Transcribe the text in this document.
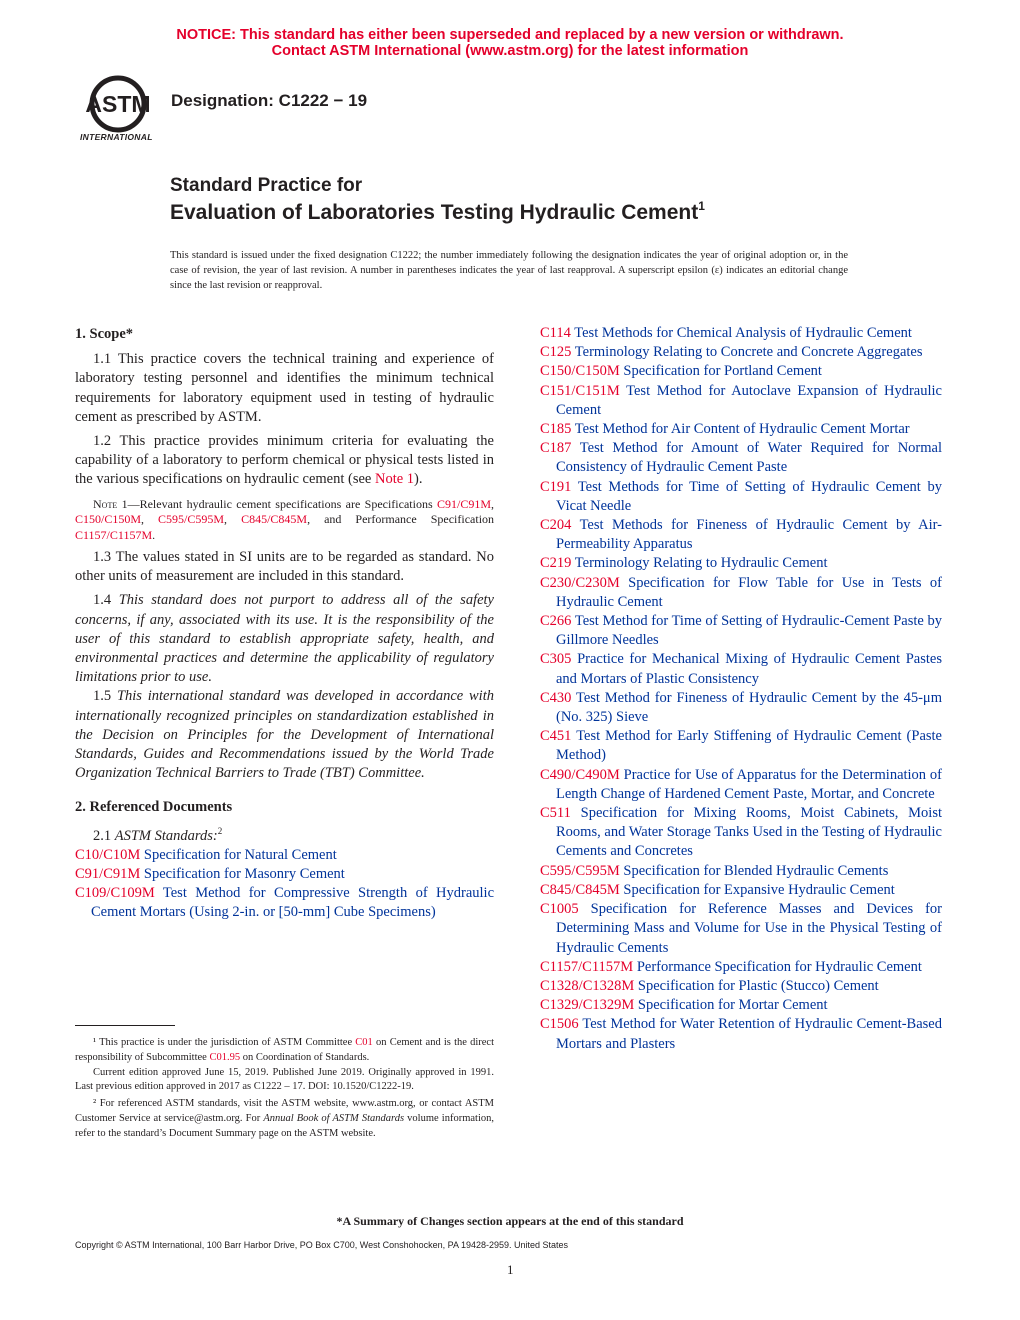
NOTICE: This standard has either been superseded and replaced by a new version or withdrawn.
Contact ASTM International (www.astm.org) for the latest information
ASTM
INTERNATIONAL
Designation: C1222 − 19
Standard Practice for
Evaluation of Laboratories Testing Hydraulic Cement$^1$
This standard is issued under the fixed designation C1222; the number immediately following the designation indicates the year of original adoption or, in the case of revision, the year of last revision. A number in parentheses indicates the year of last reapproval. A superscript epsilon (ε) indicates an editorial change since the last revision or reapproval.

1. Scope*

1.1 This practice covers the technical training and experience of laboratory testing personnel and identifies the minimum technical requirements for laboratory equipment used in testing of hydraulic cement as prescribed by ASTM.

1.2 This practice provides minimum criteria for evaluating the capability of a laboratory to perform chemical or physical tests listed in the various specifications on hydraulic cement (see Note 1).

Note 1—Relevant hydraulic cement specifications are Specifications C91/C91M, C150/C150M, C595/C595M, C845/C845M, and Performance Specification C1157/C1157M.

1.3 The values stated in SI units are to be regarded as standard. No other units of measurement are included in this standard.

1.4 This standard does not purport to address all of the safety concerns, if any, associated with its use. It is the responsibility of the user of this standard to establish appropriate safety, health, and environmental practices and determine the applicability of regulatory limitations prior to use.

1.5 This international standard was developed in accordance with internationally recognized principles on standardization established in the Decision on Principles for the Development of International Standards, Guides and Recommendations issued by the World Trade Organization Technical Barriers to Trade (TBT) Committee.

2. Referenced Documents

2.1 ASTM Standards:$^2$

C10/C10M Specification for Natural Cement

C91/C91M Specification for Masonry Cement

C109/C109M Test Method for Compressive Strength of Hydraulic Cement Mortars (Using 2-in. or [50-mm] Cube Specimens)

¹ This practice is under the jurisdiction of ASTM Committee C01 on Cement and is the direct responsibility of Subcommittee C01.95 on Coordination of Standards.
Current edition approved June 15, 2019. Published June 2019. Originally approved in 1991. Last previous edition approved in 2017 as C1222 – 17. DOI: 10.1520/C1222-19.
² For referenced ASTM standards, visit the ASTM website, www.astm.org, or contact ASTM Customer Service at service@astm.org. For Annual Book of ASTM Standards volume information, refer to the standard’s Document Summary page on the ASTM website.

C114 Test Methods for Chemical Analysis of Hydraulic Cement

C125 Terminology Relating to Concrete and Concrete Aggregates

C150/C150M Specification for Portland Cement

C151/C151M Test Method for Autoclave Expansion of Hydraulic Cement

C185 Test Method for Air Content of Hydraulic Cement Mortar

C187 Test Method for Amount of Water Required for Normal Consistency of Hydraulic Cement Paste

C191 Test Methods for Time of Setting of Hydraulic Cement by Vicat Needle

C204 Test Methods for Fineness of Hydraulic Cement by Air-Permeability Apparatus

C219 Terminology Relating to Hydraulic Cement

C230/C230M Specification for Flow Table for Use in Tests of Hydraulic Cement

C266 Test Method for Time of Setting of Hydraulic-Cement Paste by Gillmore Needles

C305 Practice for Mechanical Mixing of Hydraulic Cement Pastes and Mortars of Plastic Consistency

C430 Test Method for Fineness of Hydraulic Cement by the 45-μm (No. 325) Sieve

C451 Test Method for Early Stiffening of Hydraulic Cement (Paste Method)

C490/C490M Practice for Use of Apparatus for the Determination of Length Change of Hardened Cement Paste, Mortar, and Concrete

C511 Specification for Mixing Rooms, Moist Cabinets, Moist Rooms, and Water Storage Tanks Used in the Testing of Hydraulic Cements and Concretes

C595/C595M Specification for Blended Hydraulic Cements

C845/C845M Specification for Expansive Hydraulic Cement

C1005 Specification for Reference Masses and Devices for Determining Mass and Volume for Use in the Physical Testing of Hydraulic Cements

C1157/C1157M Performance Specification for Hydraulic Cement

C1328/C1328M Specification for Plastic (Stucco) Cement

C1329/C1329M Specification for Mortar Cement

C1506 Test Method for Water Retention of Hydraulic Cement-Based Mortars and Plasters

*A Summary of Changes section appears at the end of this standard
Copyright © ASTM International, 100 Barr Harbor Drive, PO Box C700, West Conshohocken, PA 19428-2959. United States
1
